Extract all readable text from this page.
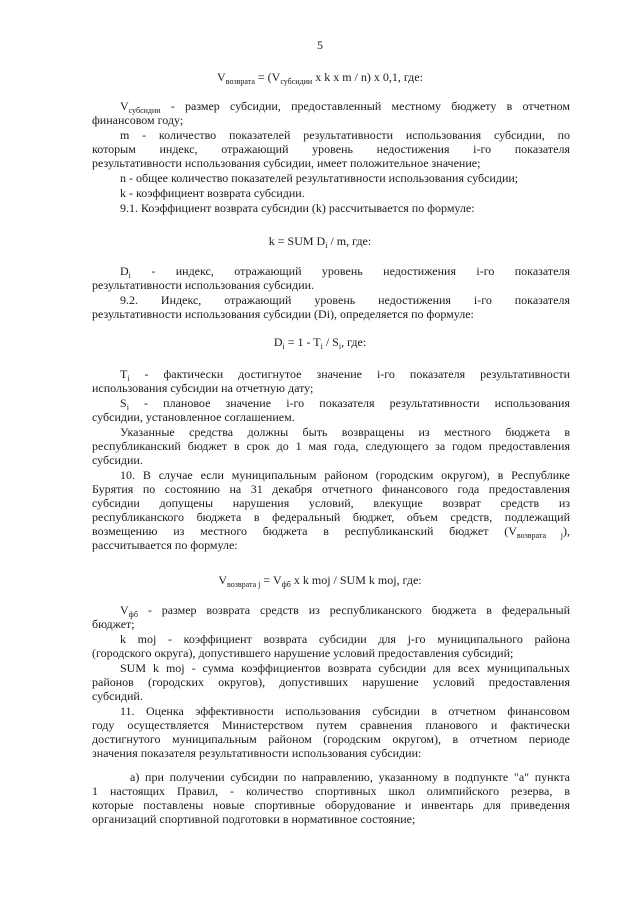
5
$V_{возврата} = (V_{субсидии}$ x k x m / n) x 0,1, где:
$V_{субсидии}$ - размер субсидии, предоставленный местному бюджету в отчетном
финансовом году;
m - количество показателей результативности использования субсидии, по
которым индекс, отражающий уровень недостижения i-го показателя
результативности использования субсидии, имеет положительное значение;
n - общее количество показателей результативности использования субсидии;
k - коэффициент возврата субсидии.
9.1. Коэффициент возврата субсидии (k) рассчитывается по формуле:
k = SUM $D_i$ / m, где:
$D_i$ - индекс, отражающий уровень недостижения i-го показателя
результативности использования субсидии.
9.2. Индекс, отражающий уровень недостижения i-го показателя
результативности использования субсидии (Di), определяется по формуле:
$D_i = 1 - T_i / S_i$, где:
$T_i$ - фактически достигнутое значение i-го показателя результативности
использования субсидии на отчетную дату;
$S_i$ - плановое значение i-го показателя результативности использования
субсидии, установленное соглашением.
Указанные средства должны быть возвращены из местного бюджета в
республиканский бюджет в срок до 1 мая года, следующего за годом предоставления
субсидии.
10. В случае если муниципальным районом (городским округом), в Республике
Бурятия по состоянию на 31 декабря отчетного финансового года предоставления
субсидии допущены нарушения условий, влекущие возврат средств из
республиканского бюджета в федеральный бюджет, объем средств, подлежащий
возмещению из местного бюджета в республиканский бюджет $(V_{возврата j})$,
рассчитывается по формуле:
$V_{возврата j} = V_{фб}$ x k moj / SUM k moj, где:
$V_{фб}$ - размер возврата средств из республиканского бюджета в федеральный
бюджет;
k moj - коэффициент возврата субсидии для j-го муниципального района
(городского округа), допустившего нарушение условий предоставления субсидий;
SUM k moj - сумма коэффициентов возврата субсидии для всех муниципальных
районов (городских округов), допустивших нарушение условий предоставления
субсидий.
11. Оценка эффективности использования субсидии в отчетном финансовом
году осуществляется Министерством путем сравнения планового и фактически
достигнутого муниципальным районом (городским округом), в отчетном периоде
значения показателя результативности использования субсидии:
а) при получении субсидии по направлению, указанному в подпункте "а" пункта
1 настоящих Правил, - количество спортивных школ олимпийского резерва, в
которые поставлены новые спортивные оборудование и инвентарь для приведения
организаций спортивной подготовки в нормативное состояние;
